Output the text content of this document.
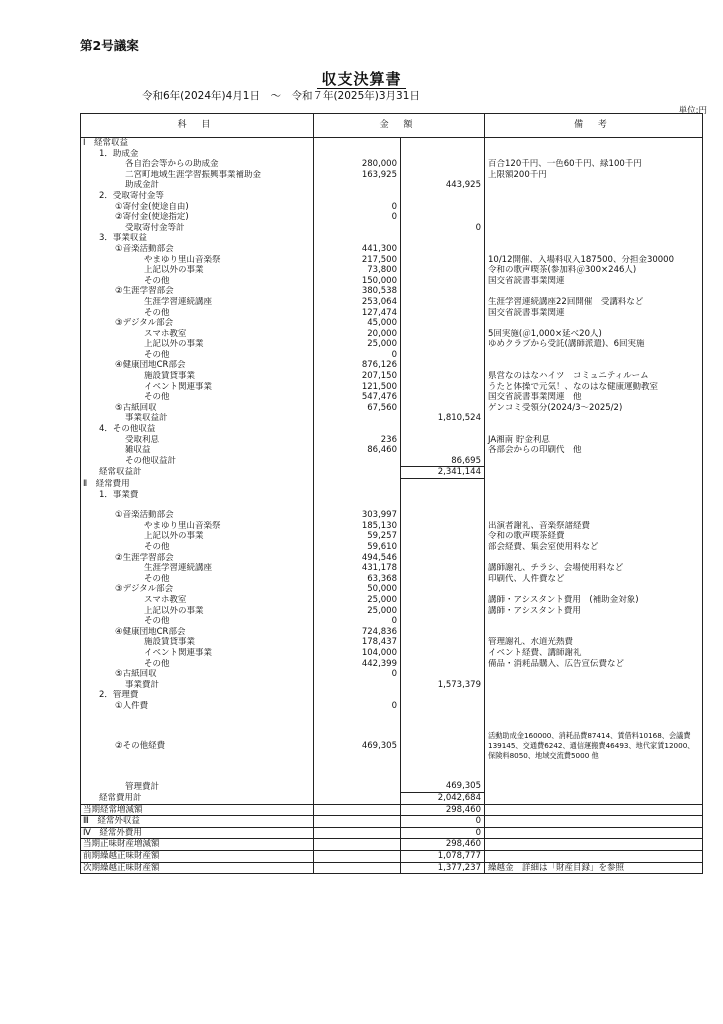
第2号議案
収支決算書
令和6年(2024年)4月1日　～　令和７年(2025年)3月31日
単位:円
科 目	金 額		備 考
Ⅰ　経常収益			
1．助成金			
各自治会等からの助成金	280,000		百合120千円、一色60千円、緑100千円
二宮町地域生涯学習振興事業補助金	163,925		上限額200千円
助成金計		443,925	
2．受取寄付金等			
①寄付金(使途自由)	0		
②寄付金(使途指定)	0		
受取寄付金等計		0	
3．事業収益			
①音楽活動部会	441,300		
やまゆり里山音楽祭	217,500		10/12開催、入場料収入187500、分担金30000
上記以外の事業	73,800		令和の歌声喫茶(参加料＠300×246人)
その他	150,000		国交省読書事業関連
②生涯学習部会	380,538		
生涯学習連続講座	253,064		生涯学習連続講座22回開催　受講料など
その他	127,474		国交省読書事業関連
③デジタル部会	45,000		
スマホ教室	20,000		5回実施(＠1,000×延べ20人)
上記以外の事業	25,000		ゆめクラブから受託(講師派遣)、6回実施
その他	0		
④健康団地CR部会	876,126		
施設賃貸事業	207,150		県営なのはなハイツ　コミュニティルーム
イベント関連事業	121,500		うたと体操で元気！、なのはな健康運動教室
その他	547,476		国交省読書事業関連　他
⑤古紙回収	67,560		ゲンコミ受領分(2024/3～2025/2)
事業収益計		1,810,524	
4．その他収益			
受取利息	236		JA湘南 貯金利息
雑収益	86,460		各部会からの印刷代　他
その他収益計		86,695	
経常収益計		2,341,144	
Ⅱ　経常費用			
1．事業費			

①音楽活動部会	303,997		
やまゆり里山音楽祭	185,130		出演者謝礼、音楽祭諸経費
上記以外の事業	59,257		令和の歌声喫茶経費
その他	59,610		部会経費、集会室使用料など
②生涯学習部会	494,546		
生涯学習連続講座	431,178		講師謝礼、チラシ、会場使用料など
その他	63,368		印刷代、人件費など
③デジタル部会	50,000		
スマホ教室	25,000		講師・アシスタント費用　(補助金対象)
上記以外の事業	25,000		講師・アシスタント費用
その他	0		
④健康団地CR部会	724,836		
施設賃貸事業	178,437		管理謝礼、水道光熱費
イベント関連事業	104,000		イベント経費、講師謝礼
その他	442,399		備品・消耗品購入、広告宣伝費など
⑤古紙回収	0		
事業費計		1,573,379	
2．管理費			
①人件費	0		

②その他経費	469,305		活動助成金160000、消耗品費87414、賃借料10168、会議費139145、交通費6242、通信運搬費46493、地代家賃12000、保険料8050、地域交流費5000 他

管理費計		469,305	
経常費用計		2,042,684	
当期経常増減額		298,460	
Ⅲ　経常外収益		0	
Ⅳ　経常外費用		0	
当期正味財産増減額		298,460	
前期繰越正味財産額		1,078,777	
次期繰越正味財産額		1,377,237	繰越金　詳細は「財産目録」を参照
